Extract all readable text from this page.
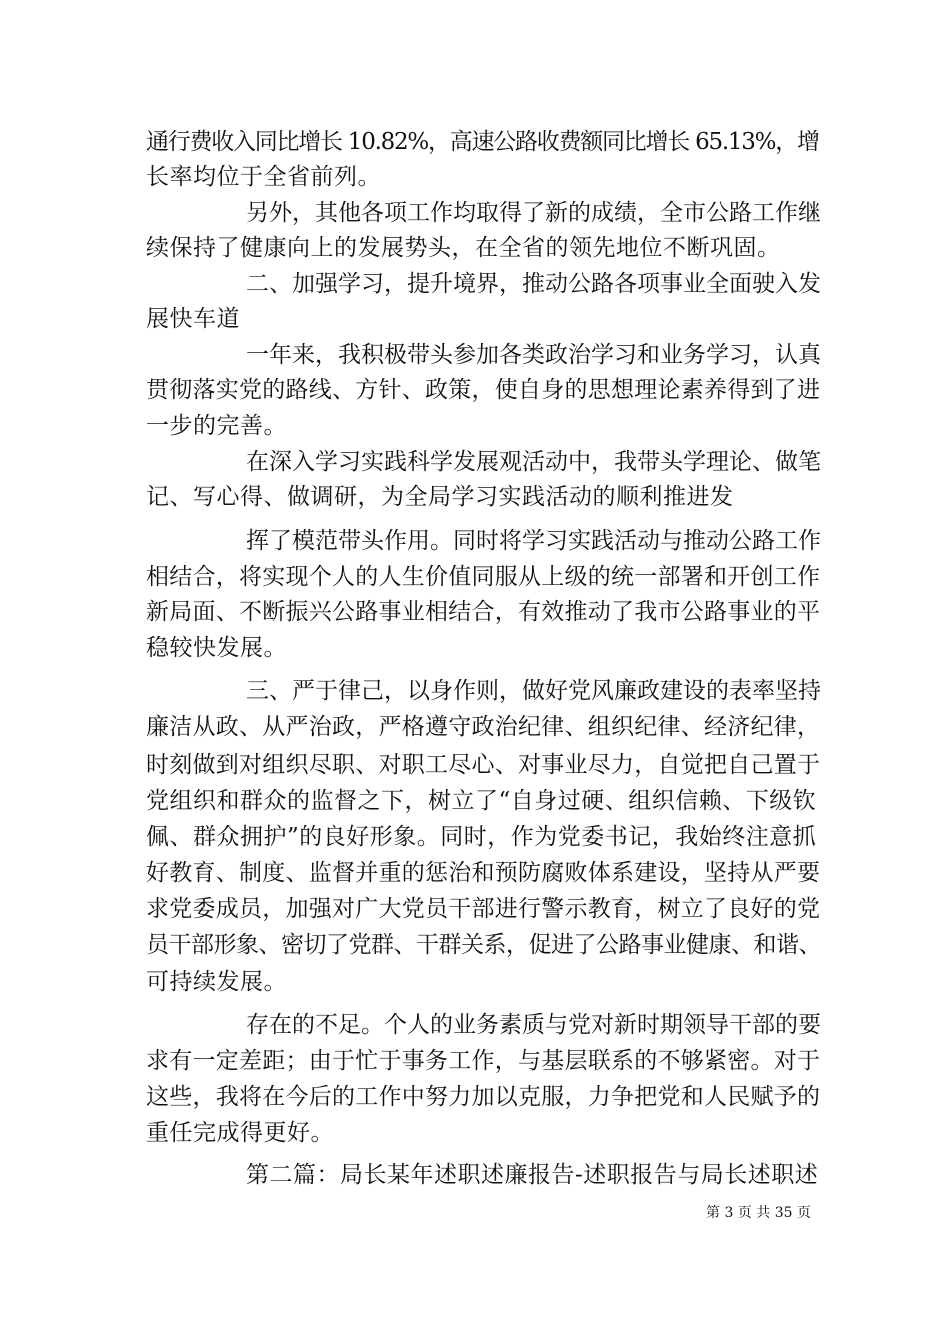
通行费收入同比增长 10.82%，高速公路收费额同比增长 65.13%，增
长率均位于全省前列。
另外，其他各项工作均取得了新的成绩，全市公路工作继
续保持了健康向上的发展势头，在全省的领先地位不断巩固。
二、加强学习，提升境界，推动公路各项事业全面驶入发
展快车道
一年来，我积极带头参加各类政治学习和业务学习，认真
贯彻落实党的路线、方针、政策，使自身的思想理论素养得到了进
一步的完善。
在深入学习实践科学发展观活动中，我带头学理论、做笔
记、写心得、做调研，为全局学习实践活动的顺利推进发
挥了模范带头作用。同时将学习实践活动与推动公路工作
相结合，将实现个人的人生价值同服从上级的统一部署和开创工作
新局面、不断振兴公路事业相结合，有效推动了我市公路事业的平
稳较快发展。
三、严于律己，以身作则，做好党风廉政建设的表率坚持
廉洁从政、从严治政，严格遵守政治纪律、组织纪律、经济纪律，
时刻做到对组织尽职、对职工尽心、对事业尽力，自觉把自己置于
党组织和群众的监督之下，树立了“自身过硬、组织信赖、下级钦
佩、群众拥护”的良好形象。同时，作为党委书记，我始终注意抓
好教育、制度、监督并重的惩治和预防腐败体系建设，坚持从严要
求党委成员，加强对广大党员干部进行警示教育，树立了良好的党
员干部形象、密切了党群、干群关系，促进了公路事业健康、和谐、
可持续发展。
存在的不足。个人的业务素质与党对新时期领导干部的要
求有一定差距；由于忙于事务工作，与基层联系的不够紧密。对于
这些，我将在今后的工作中努力加以克服，力争把党和人民赋予的
重任完成得更好。
第二篇：局长某年述职述廉报告-述职报告与局长述职述
第 3 页 共 35 页
